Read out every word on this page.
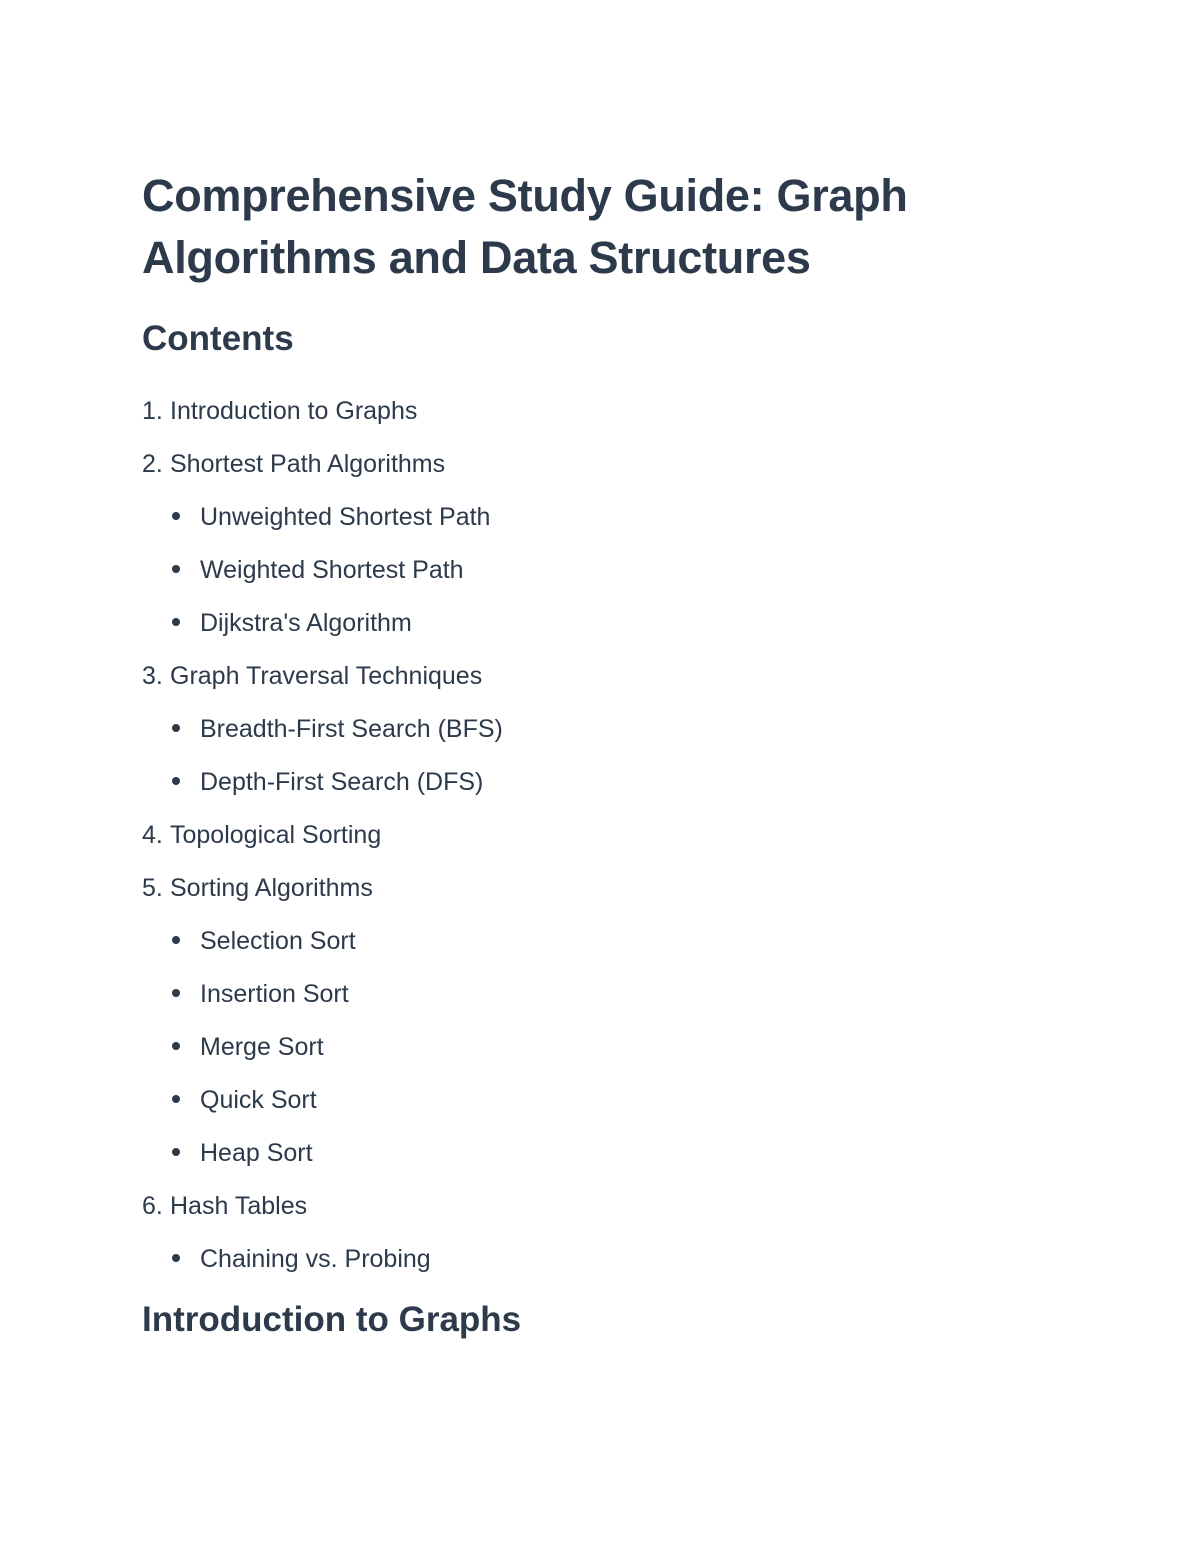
Comprehensive Study Guide: Graph Algorithms and Data Structures
Contents
1. Introduction to Graphs
2. Shortest Path Algorithms
Unweighted Shortest Path
Weighted Shortest Path
Dijkstra's Algorithm
3. Graph Traversal Techniques
Breadth-First Search (BFS)
Depth-First Search (DFS)
4. Topological Sorting
5. Sorting Algorithms
Selection Sort
Insertion Sort
Merge Sort
Quick Sort
Heap Sort
6. Hash Tables
Chaining vs. Probing
Introduction to Graphs
